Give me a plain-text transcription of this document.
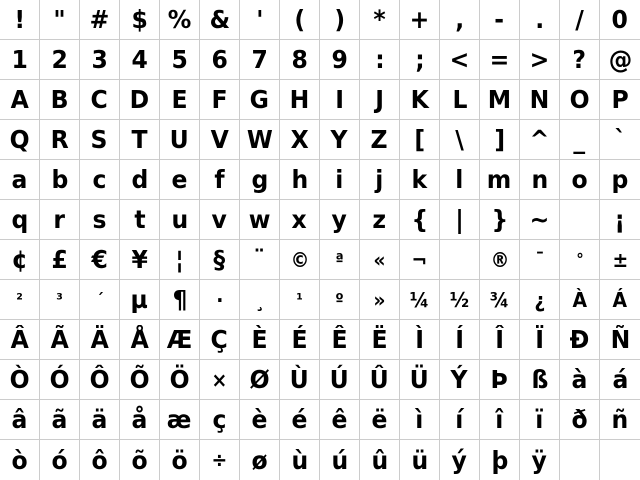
! " # $ % & ' ( ) * + , - . / 0
1 2 3 4 5 6 7 8 9 : ; < = > ? @
A B C D E F G H I J K L M N O P
Q R S T U V W X Y Z [ \ ] ^ _ `
a b c d e f g h i j k l m n o p
q r s t u v w x y z { | } ~	¡
¢ £ € ¥ ¦ § ¨ © ª « ¬	® ¯ ° ±
² ³ ´ µ ¶ · ¸ ¹ º » ¼ ½ ¾ ¿ À Á
Â Ã Ä Å Æ Ç È É Ê Ë Ì Í Î Ï Ð Ñ
Ò Ó Ô Õ Ö × Ø Ù Ú Û Ü Ý Þ ß à á
â ã ä å æ ç è é ê ë ì í î ï ð ñ
ò ó ô õ ö ÷ ø ù ú û ü ý þ ÿ
